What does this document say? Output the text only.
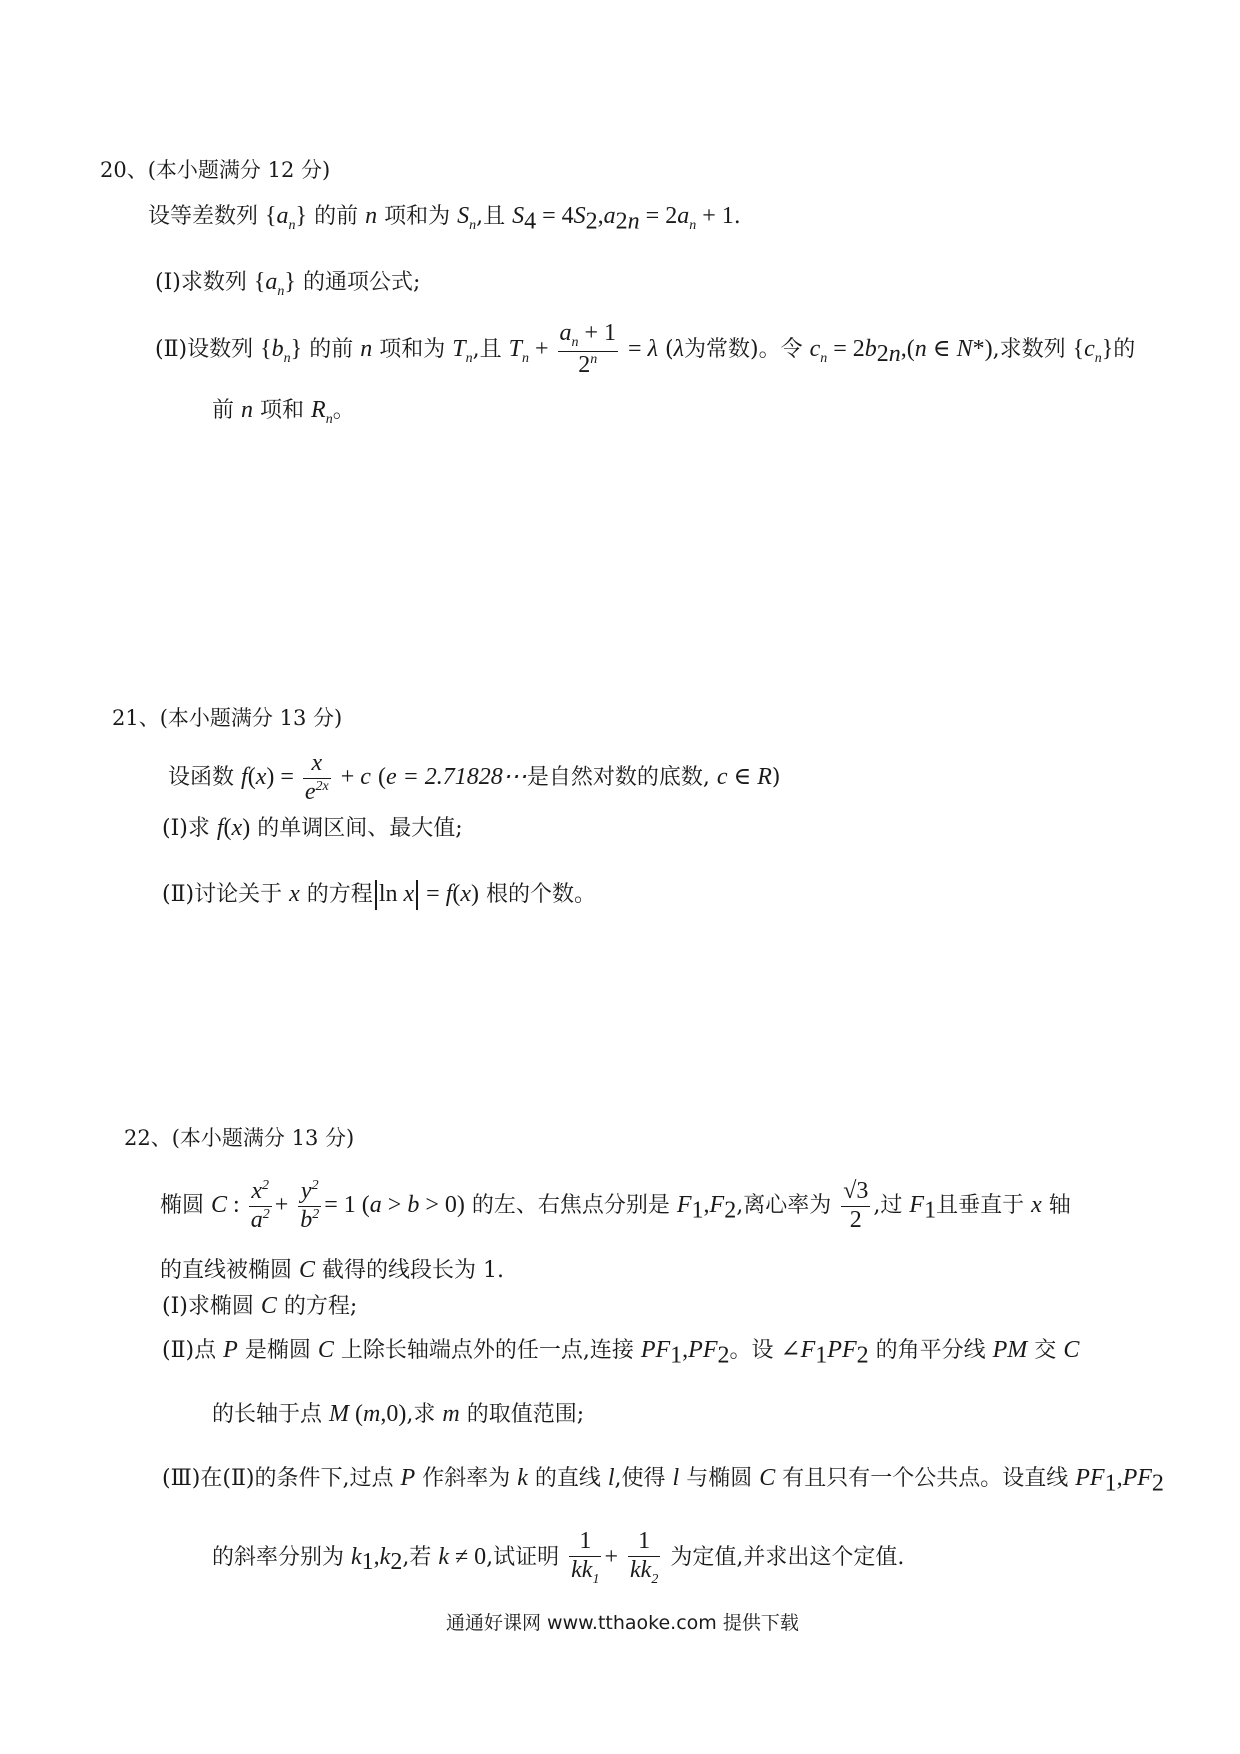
20、(本小题满分 12 分)
设等差数列 $\{a_n\}$ 的前 n 项和为 $S_n$,且 $S_4 = 4S_2,a_{2n} = 2a_n + 1$.
(Ⅰ)求数列 $\{a_n\}$ 的通项公式;
(Ⅱ)设数列 $\{b_n\}$ 的前 n 项和为 $T_n$,且 $T_n + \frac{a_n + 1}{2^n} = \lambda$ (λ为常数)。令 $c_n = 2b_{2n},(n$ ∈ N*),求数列 $\{c_n\}$的
前 n 项和 $R_n$。
21、(本小题满分 13 分)
设函数 $f(x) = \frac{x}{e^{2x}} + c$ (e = 2.71828⋯是自然对数的底数, c ∈ R)
(Ⅰ)求 f(x) 的单调区间、最大值;
(Ⅱ)讨论关于 x 的方程 ln x = f(x) 根的个数。
22、(本小题满分 13 分)
椭圆 C : $\frac{x^2}{a^2} + \frac{y^2}{b^2} = 1$ (a > b > 0) 的左、右焦点分别是 $F_1,F_2$,离心率为 $\frac{√3}{2}$ ,过 $F_1$且垂直于 x 轴
的直线被椭圆 C 截得的线段长为 1.
(Ⅰ)求椭圆 C 的方程;
(Ⅱ)点 P 是椭圆 C 上除长轴端点外的任一点,连接 $PF_1,PF_2$。设 $\angle F_1PF_2$ 的角平分线 PM 交 C
的长轴于点 M (m,0),求 m 的取值范围;
(Ⅲ)在(Ⅱ)的条件下,过点 P 作斜率为 k 的直线 l,使得 l 与椭圆 C 有且只有一个公共点。设直线 $PF_1,PF_2$
的斜率分别为 $k_1,k_2$,若 k ≠ 0,试证明 $\frac{1}{kk_1} + \frac{1}{kk_2}$ 为定值,并求出这个定值.
通通好课网 www.tthaoke.com 提供下载
